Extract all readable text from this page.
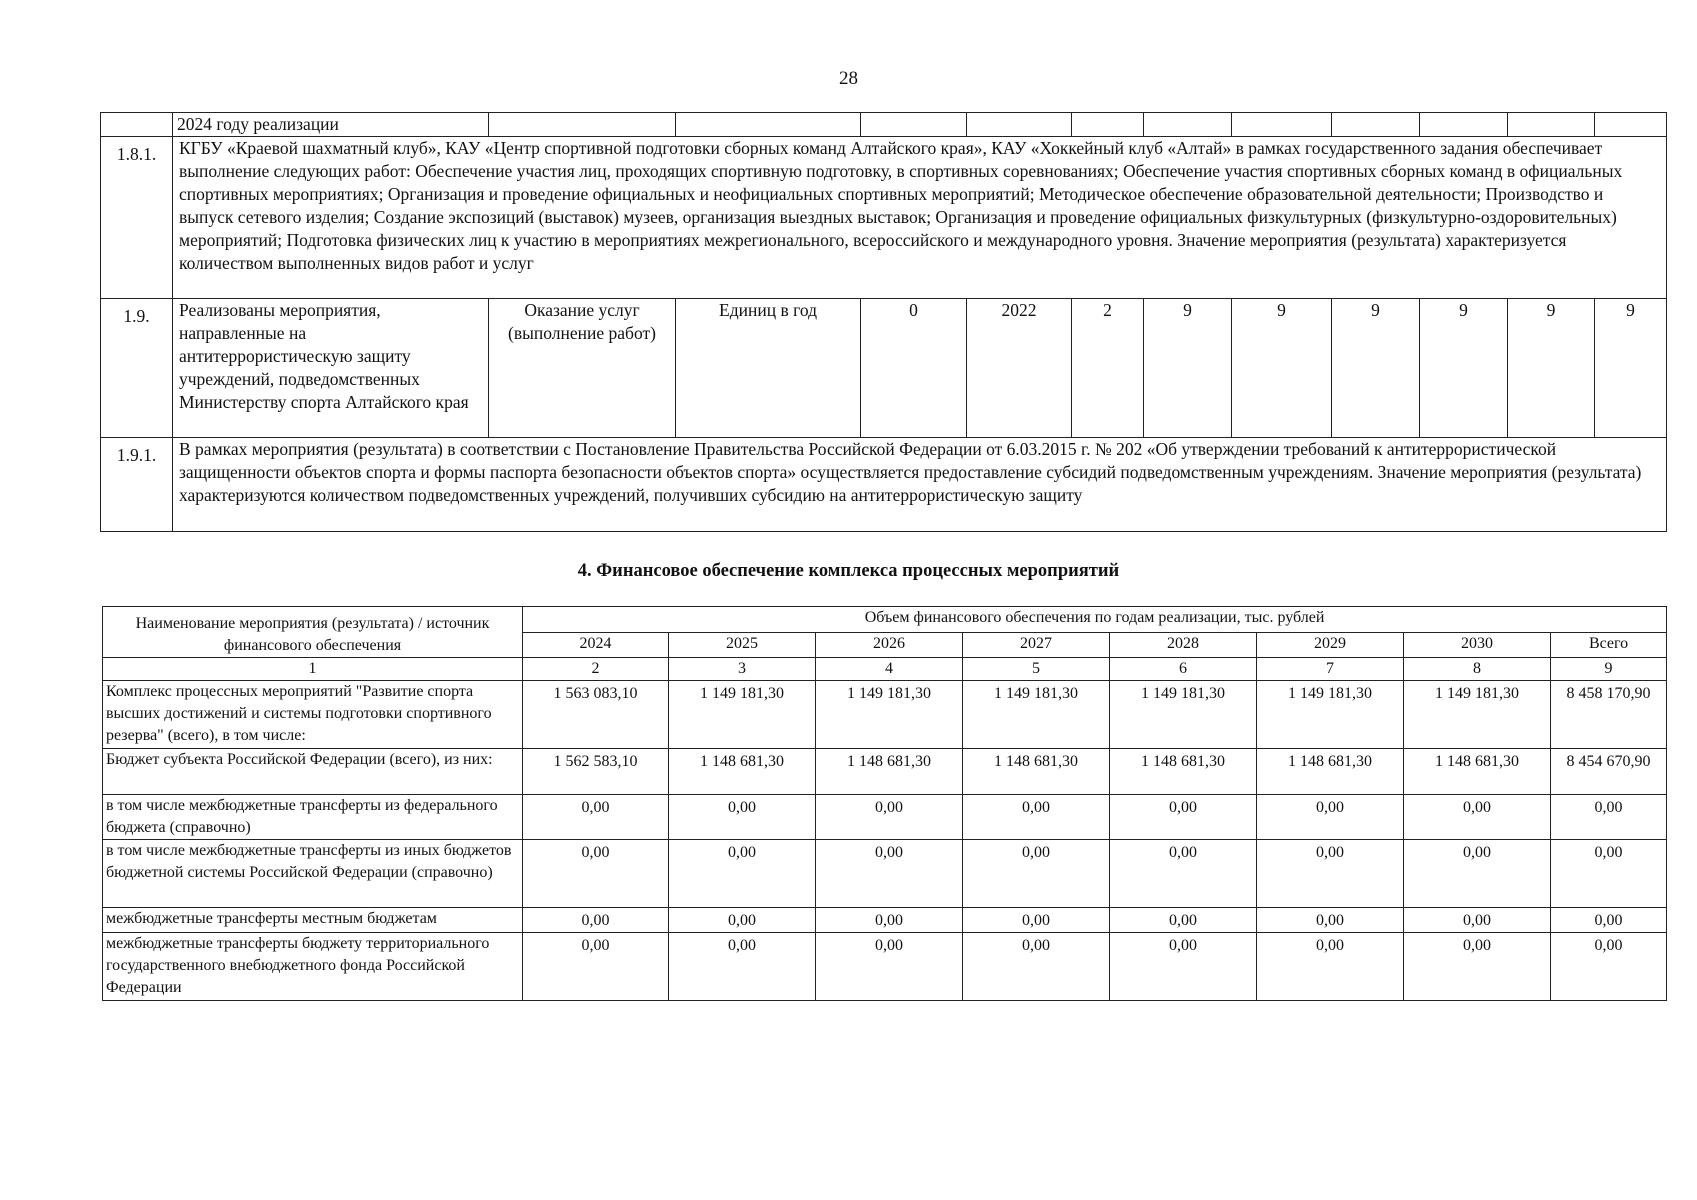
28
	2024 году реализации											
1.8.1.	КГБУ «Краевой шахматный клуб», КАУ «Центр спортивной подготовки сборных команд Алтайского края», КАУ «Хоккейный клуб «Алтай» в рамках государственного задания обеспечивает выполнение следующих работ: Обеспечение участия лиц, проходящих спортивную подготовку, в спортивных соревнованиях; Обеспечение участия спортивных сборных команд в официальных спортивных мероприятиях; Организация и проведение официальных и неофициальных спортивных мероприятий; Методическое обеспечение образовательной деятельности; Производство и выпуск сетевого изделия; Создание экспозиций (выставок) музеев, организация выездных выставок; Организация и проведение официальных физкультурных (физкультурно-оздоровительных) мероприятий; Подготовка физических лиц к участию в мероприятиях межрегионального, всероссийского и международного уровня. Значение мероприятия (результата) характеризуется количеством выполненных видов работ и услуг											
1.9.	Реализованы мероприятия, направленные на антитеррористическую защиту учреждений, подведомственных Министерству спорта Алтайского края	Оказание услуг (выполнение работ)	Единиц в год	0	2022	2	9	9	9	9	9	9
1.9.1.	В рамках мероприятия (результата) в соответствии с Постановление Правительства Российской Федерации от 6.03.2015 г. № 202 «Об утверждении требований к антитеррористической защищенности объектов спорта и формы паспорта безопасности объектов спорта» осуществляется предоставление субсидий подведомственным учреждениям. Значение мероприятия (результата) характеризуются количеством подведомственных учреждений, получивших субсидию на антитеррористическую защиту											
4. Финансовое обеспечение комплекса процессных мероприятий
Наименование мероприятия (результата) / источник финансового обеспечения	Объем финансового обеспечения по годам реализации, тыс. рублей							
	2024	2025	2026	2027	2028	2029	2030	Всего
1	2	3	4	5	6	7	8	9
Комплекс процессных мероприятий "Развитие спорта высших достижений и системы подготовки спортивного резерва" (всего), в том числе:	1 563 083,10	1 149 181,30	1 149 181,30	1 149 181,30	1 149 181,30	1 149 181,30	1 149 181,30	8 458 170,90
Бюджет субъекта Российской Федерации (всего), из них:	1 562 583,10	1 148 681,30	1 148 681,30	1 148 681,30	1 148 681,30	1 148 681,30	1 148 681,30	8 454 670,90
в том числе межбюджетные трансферты из федерального бюджета (справочно)	0,00	0,00	0,00	0,00	0,00	0,00	0,00	0,00
в том числе межбюджетные трансферты из иных бюджетов бюджетной системы Российской Федерации (справочно)	0,00	0,00	0,00	0,00	0,00	0,00	0,00	0,00
межбюджетные трансферты местным бюджетам	0,00	0,00	0,00	0,00	0,00	0,00	0,00	0,00
межбюджетные трансферты бюджету территориального государственного внебюджетного фонда Российской Федерации	0,00	0,00	0,00	0,00	0,00	0,00	0,00	0,00
